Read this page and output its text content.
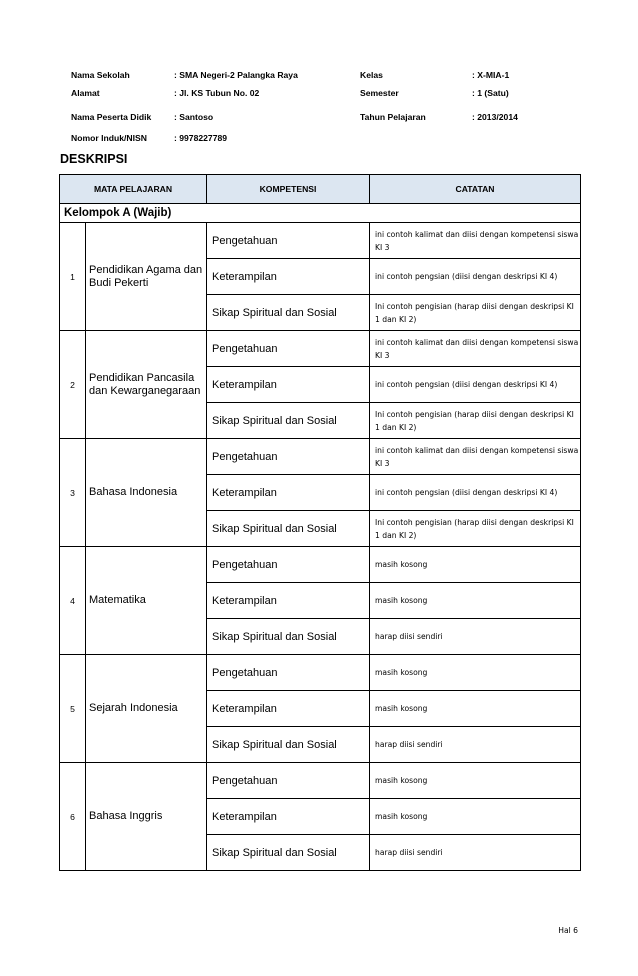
Nama Sekolah	: SMA Negeri-2 Palangka Raya	Kelas	: X-MIA-1
Alamat	: Jl. KS Tubun No. 02	Semester	: 1 (Satu)
Nama Peserta Didik	: Santoso	Tahun Pelajaran	: 2013/2014
Nomor Induk/NISN	: 9978227789
DESKRIPSI
MATA PELAJARAN		KOMPETENSI	CATATAN
Kelompok A (Wajib)			
1	Pendidikan Agama dan Budi Pekerti	Pengetahuan	ini contoh kalimat dan diisi dengan kompetensi siswa KI 3
		Keterampilan	ini contoh pengsian (diisi dengan deskripsi KI 4)
		Sikap Spiritual dan Sosial	Ini contoh pengisian (harap diisi dengan deskripsi KI 1 dan KI 2)
2	Pendidikan Pancasila dan Kewarganegaraan	Pengetahuan	ini contoh kalimat dan diisi dengan kompetensi siswa KI 3
		Keterampilan	ini contoh pengsian (diisi dengan deskripsi KI 4)
		Sikap Spiritual dan Sosial	Ini contoh pengisian (harap diisi dengan deskripsi KI 1 dan KI 2)
3	Bahasa Indonesia	Pengetahuan	ini contoh kalimat dan diisi dengan kompetensi siswa KI 3
		Keterampilan	ini contoh pengsian (diisi dengan deskripsi KI 4)
		Sikap Spiritual dan Sosial	Ini contoh pengisian (harap diisi dengan deskripsi KI 1 dan KI 2)
4	Matematika	Pengetahuan	masih kosong
		Keterampilan	masih kosong
		Sikap Spiritual dan Sosial	harap diisi sendiri
5	Sejarah Indonesia	Pengetahuan	masih kosong
		Keterampilan	masih kosong
		Sikap Spiritual dan Sosial	harap diisi sendiri
6	Bahasa Inggris	Pengetahuan	masih kosong
		Keterampilan	masih kosong
		Sikap Spiritual dan Sosial	harap diisi sendiri
Hal 6
